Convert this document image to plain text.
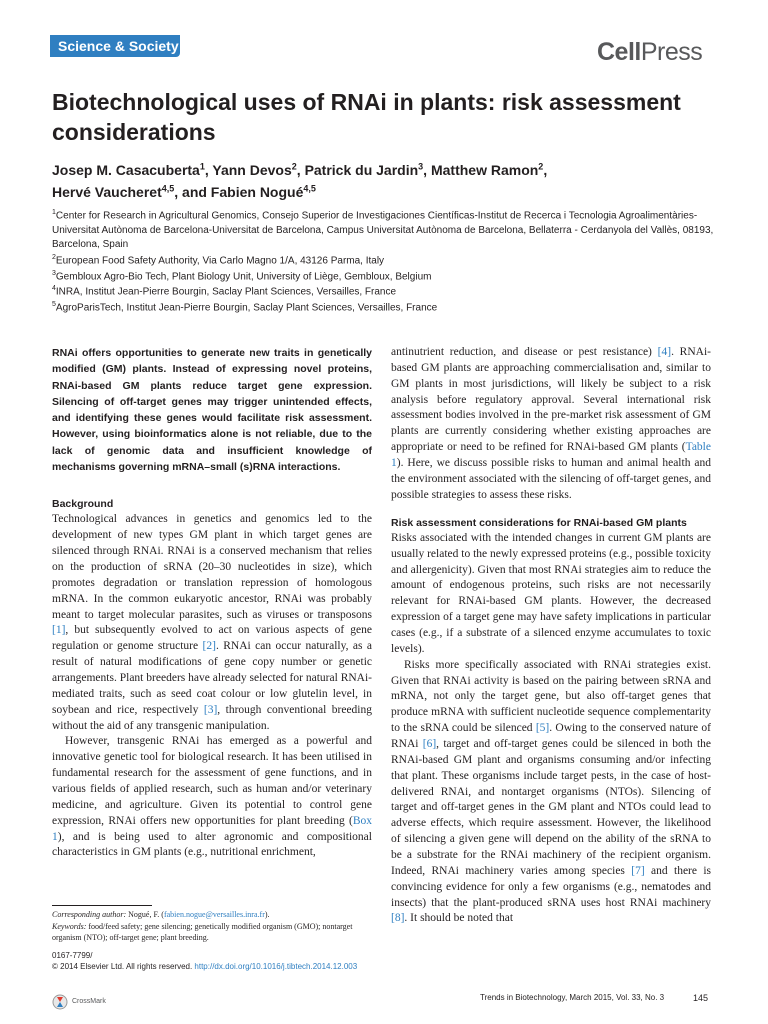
Science & Society	CellPress
Biotechnological uses of RNAi in plants: risk assessment considerations

Josep M. Casacuberta$^1$, Yann Devos$^2$, Patrick du Jardin$^3$, Matthew Ramon$^2$,
Hervé Vaucheret$^{4,5}$, and Fabien Nogué$^{4,5}$

$^1$Center for Research in Agricultural Genomics, Consejo Superior de Investigaciones Científicas-Institut de Recerca i Tecnologia Agroalimentàries-Universitat Autònoma de Barcelona-Universitat de Barcelona, Campus Universitat Autònoma de Barcelona, Bellaterra - Cerdanyola del Vallès, 08193, Barcelona, Spain
$^2$European Food Safety Authority, Via Carlo Magno 1/A, 43126 Parma, Italy
$^3$Gembloux Agro-Bio Tech, Plant Biology Unit, University of Liège, Gembloux, Belgium
$^4$INRA, Institut Jean-Pierre Bourgin, Saclay Plant Sciences, Versailles, France
$^5$AgroParisTech, Institut Jean-Pierre Bourgin, Saclay Plant Sciences, Versailles, France

RNAi offers opportunities to generate new traits in genetically modified (GM) plants. Instead of expressing novel proteins, RNAi-based GM plants reduce target gene expression. Silencing of off-target genes may trigger unintended effects, and identifying these genes would facilitate risk assessment. However, using bioinformatics alone is not reliable, due to the lack of genomic data and insufficient knowledge of mechanisms governing mRNA–small (s)RNA interactions.

Background

Technological advances in genetics and genomics led to the development of new types GM plant in which target genes are silenced through RNAi. RNAi is a conserved mechanism that relies on the production of sRNA (20–30 nucleotides in size), which promotes degradation or translation repression of homologous mRNA. In the common eukaryotic ancestor, RNAi was probably meant to target molecular parasites, such as viruses or transposons [1], but subsequently evolved to act on various aspects of gene regulation or genome structure [2]. RNAi can occur naturally, as a result of natural modifications of gene copy number or genetic arrangements. Plant breeders have already selected for natural RNAi-mediated traits, such as seed coat colour or low glutelin level, in soybean and rice, respectively [3], through conventional breeding without the aid of any transgenic manipulation.

However, transgenic RNAi has emerged as a powerful and innovative genetic tool for biological research. It has been utilised in fundamental research for the assessment of gene functions, and in various fields of applied research, such as human and/or veterinary medicine, and agriculture. Given its potential to control gene expression, RNAi offers new opportunities for plant breeding (Box 1), and is being used to alter agronomic and compositional characteristics in GM plants (e.g., nutritional enrichment,

antinutrient reduction, and disease or pest resistance) [4]. RNAi-based GM plants are approaching commercialisation and, similar to GM plants in most jurisdictions, will likely be subject to a risk analysis before regulatory approval. Several international risk assessment bodies involved in the pre-market risk assessment of GM plants are currently considering whether existing approaches are appropriate or need to be refined for RNAi-based GM plants (Table 1). Here, we discuss possible risks to human and animal health and the environment associated with the silencing of off-target genes, and possible strategies to assess these risks.

Risk assessment considerations for RNAi-based GM plants

Risks associated with the intended changes in current GM plants are usually related to the newly expressed proteins (e.g., possible toxicity and allergenicity). Given that most RNAi strategies aim to reduce the amount of endogenous proteins, such risks are not necessarily relevant for RNAi-based GM plants. However, the decreased expression of a target gene may have safety implications in particular cases (e.g., if a substrate of a silenced enzyme accumulates to toxic levels).

Risks more specifically associated with RNAi strategies exist. Given that RNAi activity is based on the pairing between sRNA and mRNA, not only the target gene, but also off-target genes that produce mRNA with sufficient nucleotide sequence complementarity to the sRNA could be silenced [5]. Owing to the conserved nature of RNAi [6], target and off-target genes could be silenced in both the RNAi-based GM plant and organisms consuming and/or infecting that plant. These organisms include target pests, in the case of host-delivered RNAi, and nontarget organisms (NTOs). Silencing of target and off-target genes in the GM plant and NTOs could lead to adverse effects, which require assessment. However, the likelihood of silencing a given gene will depend on the ability of the sRNA to be a substrate for the RNAi machinery of the recipient organism. Indeed, RNAi machinery varies among species [7] and there is convincing evidence for only a few organisms (e.g., nematodes and insects) that the plant-produced sRNA uses host RNAi machinery [8]. It should be noted that

Corresponding author: Nogué, F. (fabien.nogue@versailles.inra.fr).
Keywords: food/feed safety; gene silencing; genetically modified organism (GMO); nontarget organism (NTO); off-target gene; plant breeding.
0167-7799/
© 2014 Elsevier Ltd. All rights reserved. http://dx.doi.org/10.1016/j.tibtech.2014.12.003
CrossMark	Trends in Biotechnology, March 2015, Vol. 33, No. 3	145
